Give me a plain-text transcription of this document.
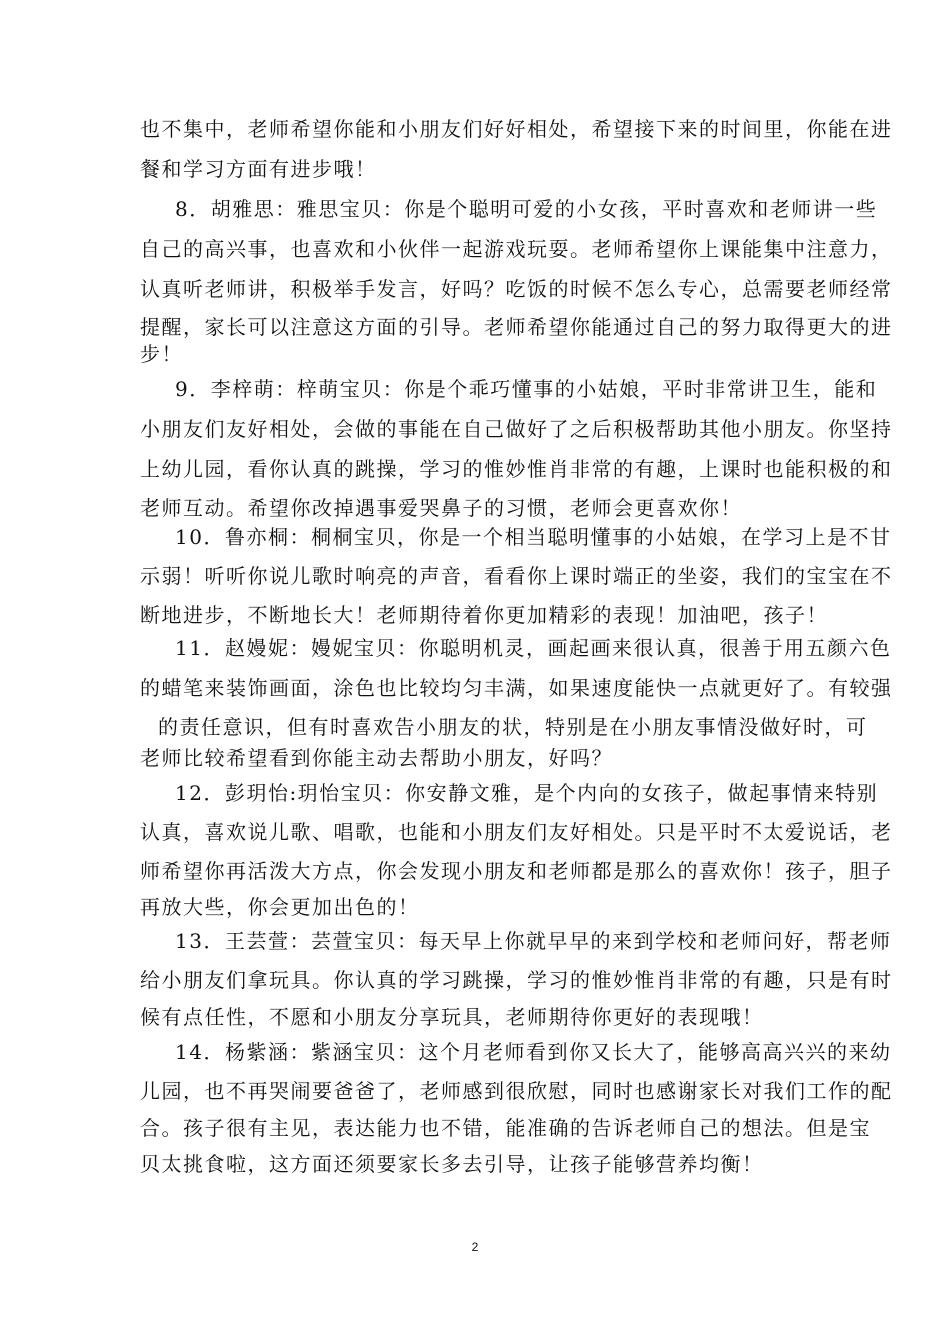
也不集中，老师希望你能和小朋友们好好相处，希望接下来的时间里，你能在进
餐和学习方面有进步哦！
8．胡雅思：雅思宝贝：你是个聪明可爱的小女孩，平时喜欢和老师讲一些
自己的高兴事，也喜欢和小伙伴一起游戏玩耍。老师希望你上课能集中注意力，
认真听老师讲，积极举手发言，好吗？吃饭的时候不怎么专心，总需要老师经常
提醒，家长可以注意这方面的引导。老师希望你能通过自己的努力取得更大的进
步！
9．李梓萌：梓萌宝贝：你是个乖巧懂事的小姑娘，平时非常讲卫生，能和
小朋友们友好相处，会做的事能在自己做好了之后积极帮助其他小朋友。你坚持
上幼儿园，看你认真的跳操，学习的惟妙惟肖非常的有趣，上课时也能积极的和
老师互动。希望你改掉遇事爱哭鼻子的习惯，老师会更喜欢你！
10．鲁亦桐：桐桐宝贝，你是一个相当聪明懂事的小姑娘，在学习上是不甘
示弱！听听你说儿歌时响亮的声音，看看你上课时端正的坐姿，我们的宝宝在不
断地进步，不断地长大！老师期待着你更加精彩的表现！加油吧，孩子！
11．赵嫚妮：嫚妮宝贝：你聪明机灵，画起画来很认真，很善于用五颜六色
的蜡笔来装饰画面，涂色也比较均匀丰满，如果速度能快一点就更好了。有较强
的责任意识，但有时喜欢告小朋友的状，特别是在小朋友事情没做好时，可
老师比较希望看到你能主动去帮助小朋友，好吗？
12．彭玥怡:玥怡宝贝：你安静文雅，是个内向的女孩子，做起事情来特别
认真，喜欢说儿歌、唱歌，也能和小朋友们友好相处。只是平时不太爱说话，老
师希望你再活泼大方点，你会发现小朋友和老师都是那么的喜欢你！孩子，胆子
再放大些，你会更加出色的！
13．王芸萱：芸萱宝贝：每天早上你就早早的来到学校和老师问好，帮老师
给小朋友们拿玩具。你认真的学习跳操，学习的惟妙惟肖非常的有趣，只是有时
候有点任性，不愿和小朋友分享玩具，老师期待你更好的表现哦！
14．杨紫涵：紫涵宝贝：这个月老师看到你又长大了，能够高高兴兴的来幼
儿园，也不再哭闹要爸爸了，老师感到很欣慰，同时也感谢家长对我们工作的配
合。孩子很有主见，表达能力也不错，能准确的告诉老师自己的想法。但是宝
贝太挑食啦，这方面还须要家长多去引导，让孩子能够营养均衡！
2
